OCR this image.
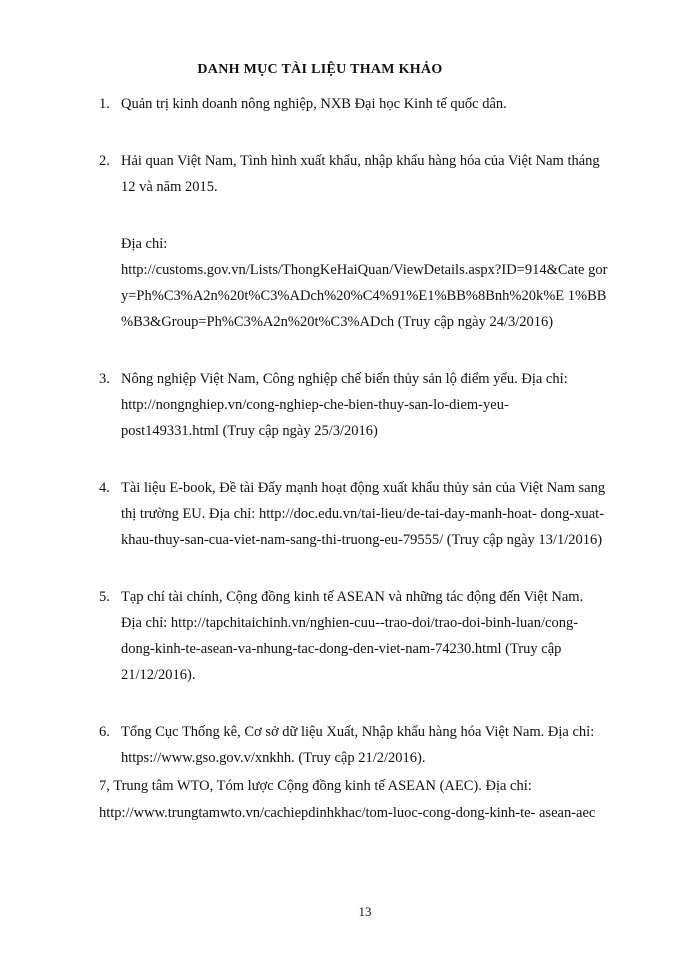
DANH MỤC TÀI LIỆU THAM KHẢO
1. Quản trị kinh doanh nông nghiệp, NXB Đại học Kinh tế quốc dân.
2. Hải quan Việt Nam, Tình hình xuất khẩu, nhập khẩu hàng hóa của Việt Nam tháng
12 và năm 2015.
Địa chỉ:
http://customs.gov.vn/Lists/ThongKeHaiQuan/ViewDetails.aspx?ID=914&Cate gor
y=Ph%C3%A2n%20t%C3%ADch%20%C4%91%E1%BB%8Bnh%20k%E 1%BB
%B3&Group=Ph%C3%A2n%20t%C3%ADch (Truy cập ngày 24/3/2016)
3. Nông nghiệp Việt Nam, Công nghiệp chế biến thủy sản lộ điểm yếu. Địa chỉ:
http://nongnghiep.vn/cong-nghiep-che-bien-thuy-san-lo-diem-yeu-
post149331.html (Truy cập ngày 25/3/2016)
4. Tài liệu E-book, Đề tài Đẩy mạnh hoạt động xuất khẩu thủy sản của Việt Nam sang
thị trường EU. Địa chỉ: http://doc.edu.vn/tai-lieu/de-tai-day-manh-hoat- dong-xuat-
khau-thuy-san-cua-viet-nam-sang-thi-truong-eu-79555/ (Truy cập ngày 13/1/2016)
5. Tạp chí tài chính, Cộng đồng kinh tế ASEAN và những tác động đến Việt Nam.
Địa chỉ: http://tapchitaichinh.vn/nghien-cuu--trao-doi/trao-doi-binh-luan/cong-
dong-kinh-te-asean-va-nhung-tac-dong-den-viet-nam-74230.html (Truy cập
21/12/2016).
6. Tổng Cục Thống kê, Cơ sở dữ liệu Xuất, Nhập khẩu hàng hóa Việt Nam. Địa chỉ:
https://www.gso.gov.v/xnkhh. (Truy cập 21/2/2016).
7, Trung tâm WTO, Tóm lược Cộng đồng kinh tế ASEAN (AEC). Địa chỉ:
http://www.trungtamwto.vn/cachiepdinhkhac/tom-luoc-cong-dong-kinh-te- asean-aec
13
